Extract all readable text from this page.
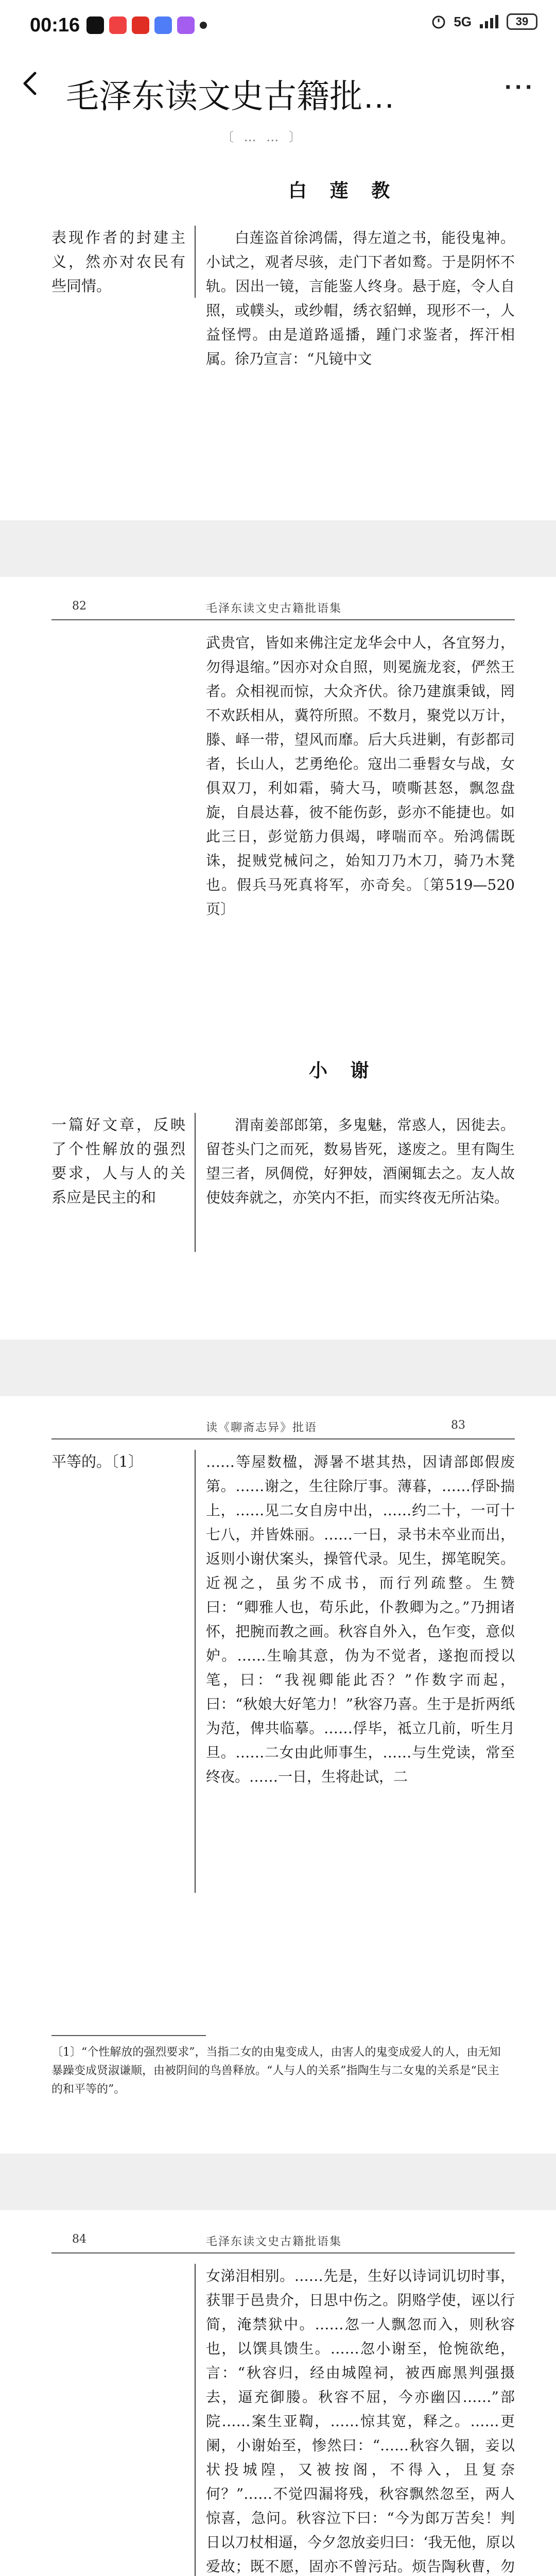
00:16	5G	39
毛泽东读文史古籍批…	···
〔 … … 〕
白 莲 教
表现作者的封建主义，然亦对农民有些同情。

白莲盗首徐鸿儒，得左道之书，能役鬼神。小试之，观者尽骇，走门下者如鹜。于是阴怀不轨。因出一镜，言能鉴人终身。悬于庭，令人自照，或幞头，或纱帽，绣衣貂蝉，现形不一，人益怪愕。由是道路遥播，踵门求鉴者，挥汗相属。徐乃宣言：“凡镜中文

82	毛泽东读文史古籍批语集

武贵官，皆如来佛注定龙华会中人，各宜努力，勿得退缩。”因亦对众自照，则冕旒龙衮，俨然王者。众相视而惊，大众齐伏。徐乃建旗秉钺，罔不欢跃相从，冀符所照。不数月，聚党以万计，滕、峄一带，望风而靡。后大兵进剿，有彭都司者，长山人，艺勇绝伦。寇出二垂髫女与战，女俱双刀，利如霜，骑大马，喷嘶甚怒，飘忽盘旋，自晨达暮，彼不能伤彭，彭亦不能捷也。如此三日，彭觉筋力俱竭，哮喘而卒。殆鸿儒既诛，捉贼党械问之，始知刀乃木刀，骑乃木凳也。假兵马死真将军，亦奇矣。〔第519—520页〕

小 谢
一篇好文章，反映了个性解放的强烈要求，人与人的关系应是民主的和

渭南姜部郎第，多鬼魅，常惑人，因徙去。留苍头门之而死，数易皆死，遂废之。里有陶生望三者，夙倜傥，好狎妓，酒阑辄去之。友人故使妓奔就之，亦笑内不拒，而实终夜无所沾染。

读《聊斋志异》批语	83
平等的。〔1〕	……等屋数楹，溽暑不堪其热，因请部郎假废第。……谢之，生往除厅事。薄暮，……俘卧揣上，……见二女自房中出，……约二十，一可十七八，并皆姝丽。……一日，录书未卒业而出，返则小谢伏案头，操管代录。见生，掷笔睨笑。近视之，虽劣不成书，而行列疏整。生赞曰：“卿雅人也，苟乐此，仆教卿为之。”乃拥诸怀，把腕而教之画。秋容自外入，色乍变，意似妒。……生喻其意，伪为不觉者，遂抱而授以笔，曰：“我视卿能此否？”作数字而起，曰：“秋娘大好笔力！”秋容乃喜。生于是折两纸为范，俾共临摹。……俘毕，祗立几前，听生月旦。……二女由此师事生，……与生党读，常至终夜。……一日，生将赴试，二

〔1〕“个性解放的强烈要求”，当指二女的由鬼变成人，由害人的鬼变成爱人的人，由无知暴躁变成贤淑谦顺，由被阴间的鸟兽释放。“人与人的关系”指陶生与二女鬼的关系是“民主的和平等的”。
84	毛泽东读文史古籍批语集

女涕泪相别。……先是，生好以诗词讥切时事，获罪于邑贵介，日思中伤之。阴赂学使，诬以行简，淹禁狱中。……忽一人飘忽而入，则秋容也，以馔具馈生。……忽小谢至，怆惋欲绝，言：“秋容归，经由城隍祠，被西廊黑判强摄去，逼充御媵。秋容不屈，今亦幽囚……”部院……案生亚鞫，……惊其宽，释之。……更阑，小谢始至，惨然曰：“……秋容久锢，妾以状投城隍，又被按阁，不得入，且复奈何？”……不觉四漏将残，秋容飘然忽至，两人惊喜，急问。秋容泣下曰：“今为郎万苦矣！判日以刀杖相逼，今夕忽放妾归曰：‘我无他，原以爱故；既不愿，固亦不曾污玷。烦告陶秋曹，勿
